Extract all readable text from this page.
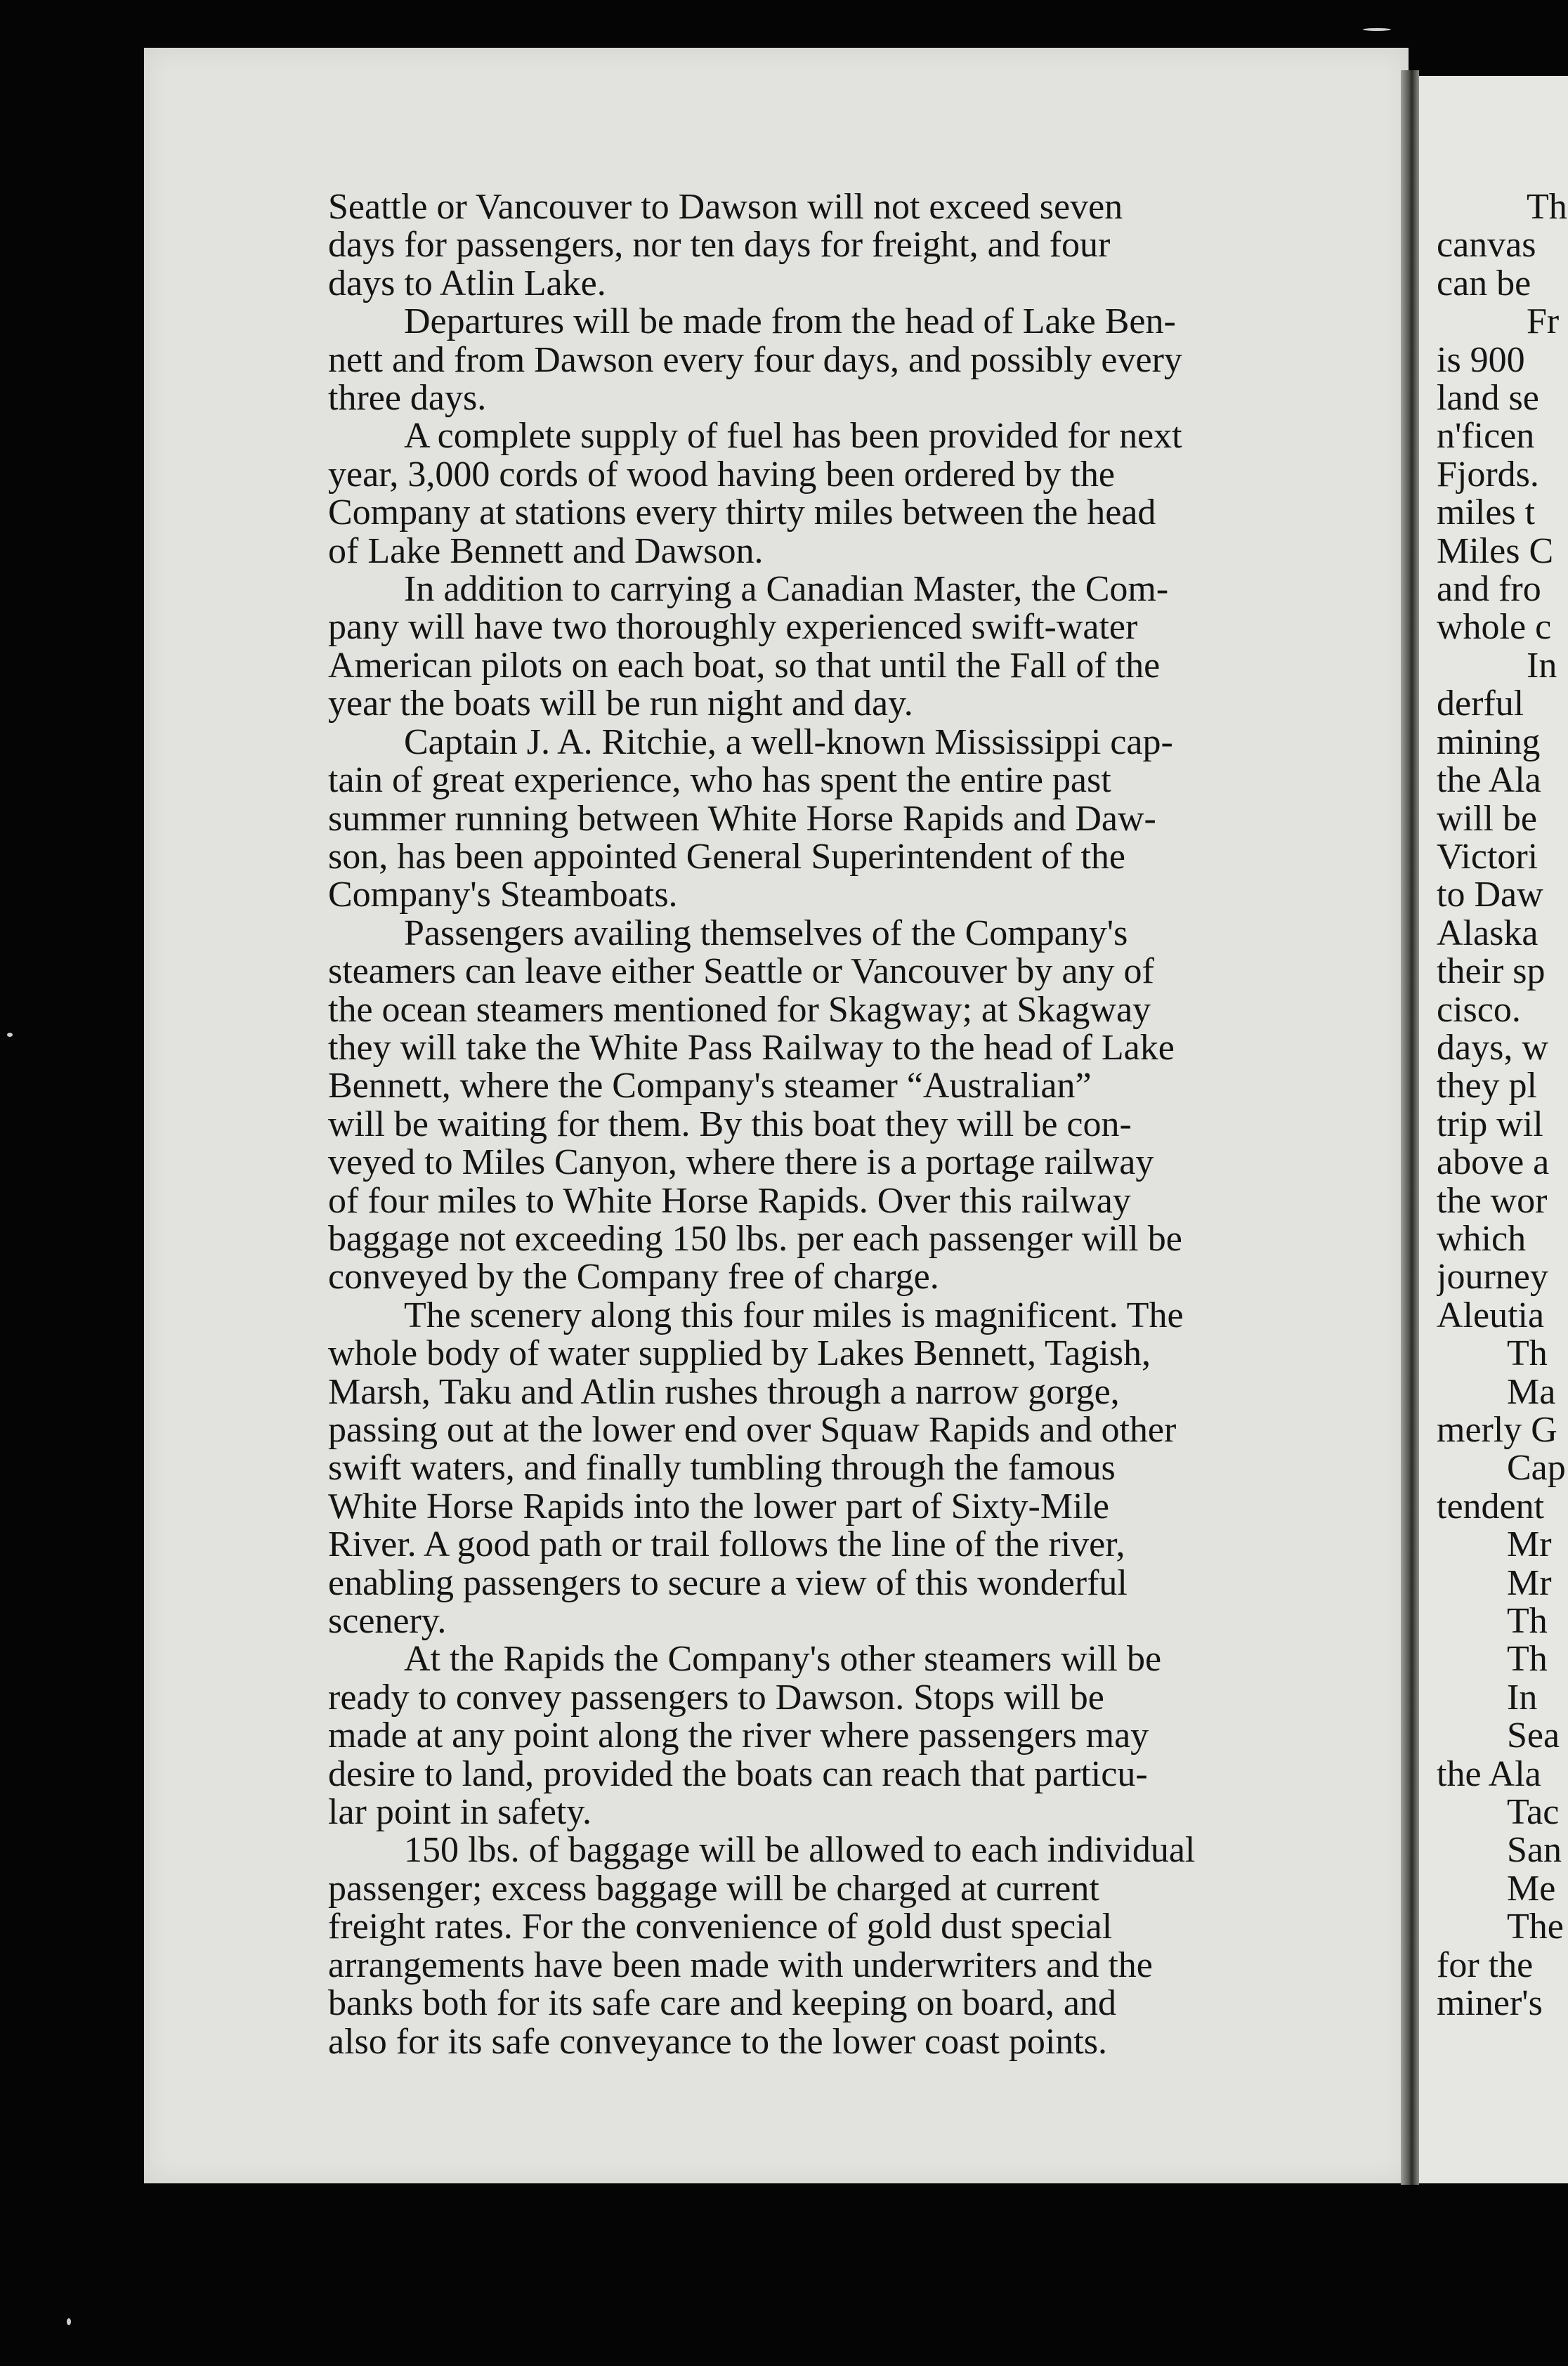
Seattle or Vancouver to Dawson will not exceed seven
days for passengers, nor ten days for freight, and four
days to Atlin Lake.

Departures will be made from the head of Lake Ben-
nett and from Dawson every four days, and possibly every
three days.

A complete supply of fuel has been provided for next
year, 3,000 cords of wood having been ordered by the
Company at stations every thirty miles between the head
of Lake Bennett and Dawson.

In addition to carrying a Canadian Master, the Com-
pany will have two thoroughly experienced swift-water
American pilots on each boat, so that until the Fall of the
year the boats will be run night and day.

Captain J. A. Ritchie, a well-known Mississippi cap-
tain of great experience, who has spent the entire past
summer running between White Horse Rapids and Daw-
son, has been appointed General Superintendent of the
Company's Steamboats.

Passengers availing themselves of the Company's
steamers can leave either Seattle or Vancouver by any of
the ocean steamers mentioned for Skagway; at Skagway
they will take the White Pass Railway to the head of Lake
Bennett, where the Company's steamer “Australian”
will be waiting for them. By this boat they will be con-
veyed to Miles Canyon, where there is a portage railway
of four miles to White Horse Rapids. Over this railway
baggage not exceeding 150 lbs. per each passenger will be
conveyed by the Company free of charge.

The scenery along this four miles is magnificent. The
whole body of water supplied by Lakes Bennett, Tagish,
Marsh, Taku and Atlin rushes through a narrow gorge,
passing out at the lower end over Squaw Rapids and other
swift waters, and finally tumbling through the famous
White Horse Rapids into the lower part of Sixty-Mile
River. A good path or trail follows the line of the river,
enabling passengers to secure a view of this wonderful
scenery.

At the Rapids the Company's other steamers will be
ready to convey passengers to Dawson. Stops will be
made at any point along the river where passengers may
desire to land, provided the boats can reach that particu-
lar point in safety.

150 lbs. of baggage will be allowed to each individual
passenger; excess baggage will be charged at current
freight rates. For the convenience of gold dust special
arrangements have been made with underwriters and the
banks both for its safe care and keeping on board, and
also for its safe conveyance to the lower coast points.

Th
canvas
can be
Fr
is 900
land se
n'ficen
Fjords.
miles t
Miles C
and fro
whole c
In
derful
mining
the Ala
will be
Victori
to Daw
Alaska
their sp
cisco.
days, w
they pl
trip wil
above a
the wor
which
journey
Aleutia
Th
Ma
merly G
Cap
tendent
Mr
Mr
Th
Th
In
Sea
the Ala
Tac
San
Me
The
for the
miner's
